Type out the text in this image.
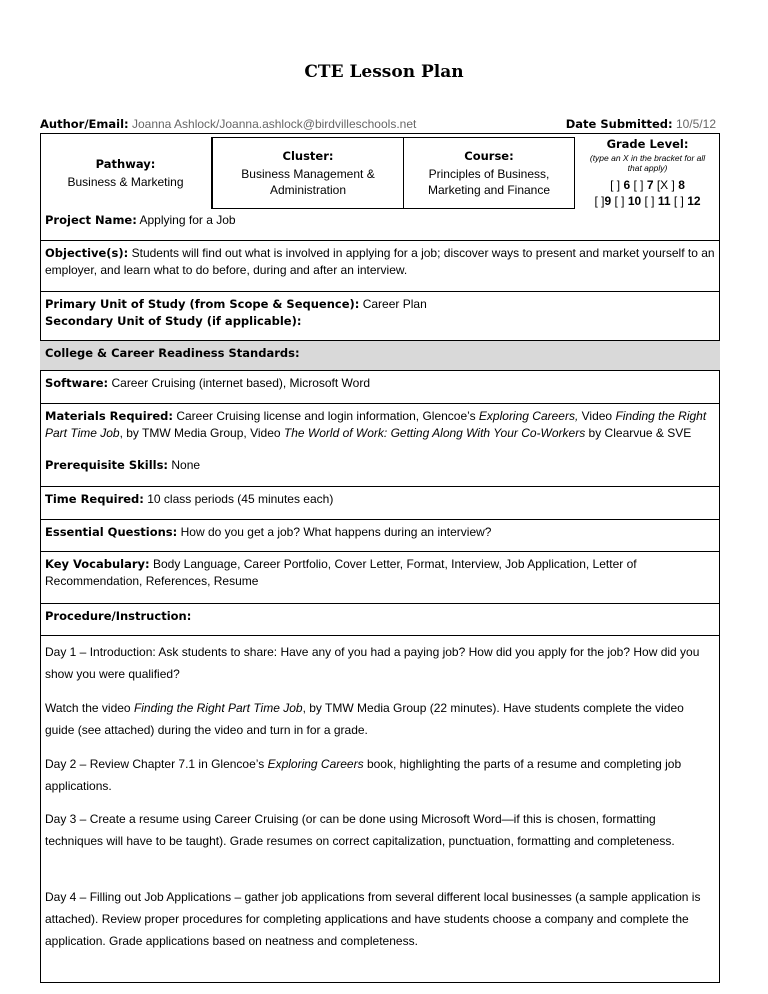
CTE Lesson Plan
Author/Email: Joanna Ashlock/Joanna.ashlock@birdvilleschools.net	Date Submitted: 10/5/12
Pathway:
Business & Marketing
Cluster:
Business Management &
Administration
Course:
Principles of Business,
Marketing and Finance
Grade Level:
(type an X in the bracket for all that apply)
[ ] 6 [ ] 7 [X ] 8
[ ]9 [ ] 10 [ ] 11 [ ] 12
Project Name: Applying for a Job
Objective(s): Students will find out what is involved in applying for a job; discover ways to present and market yourself to an employer, and learn what to do before, during and after an interview.
Primary Unit of Study (from Scope & Sequence): Career Plan
Secondary Unit of Study (if applicable):
College & Career Readiness Standards:
Software: Career Cruising (internet based), Microsoft Word
Materials Required: Career Cruising license and login information, Glencoe’s Exploring Careers, Video Finding the Right Part Time Job, by TMW Media Group, Video The World of Work: Getting Along With Your Co-Workers by Clearvue & SVE
Prerequisite Skills: None
Time Required: 10 class periods (45 minutes each)
Essential Questions: How do you get a job? What happens during an interview?
Key Vocabulary: Body Language, Career Portfolio, Cover Letter, Format, Interview, Job Application, Letter of Recommendation, References, Resume
Procedure/Instruction:
Day 1 – Introduction: Ask students to share: Have any of you had a paying job? How did you apply for the job? How did you show you were qualified?
Watch the video Finding the Right Part Time Job, by TMW Media Group (22 minutes). Have students complete the video guide (see attached) during the video and turn in for a grade.
Day 2 – Review Chapter 7.1 in Glencoe’s Exploring Careers book, highlighting the parts of a resume and completing job applications.
Day 3 – Create a resume using Career Cruising (or can be done using Microsoft Word—if this is chosen, formatting techniques will have to be taught). Grade resumes on correct capitalization, punctuation, formatting and completeness.
Day 4 – Filling out Job Applications – gather job applications from several different local businesses (a sample application is attached). Review proper procedures for completing applications and have students choose a company and complete the application. Grade applications based on neatness and completeness.
